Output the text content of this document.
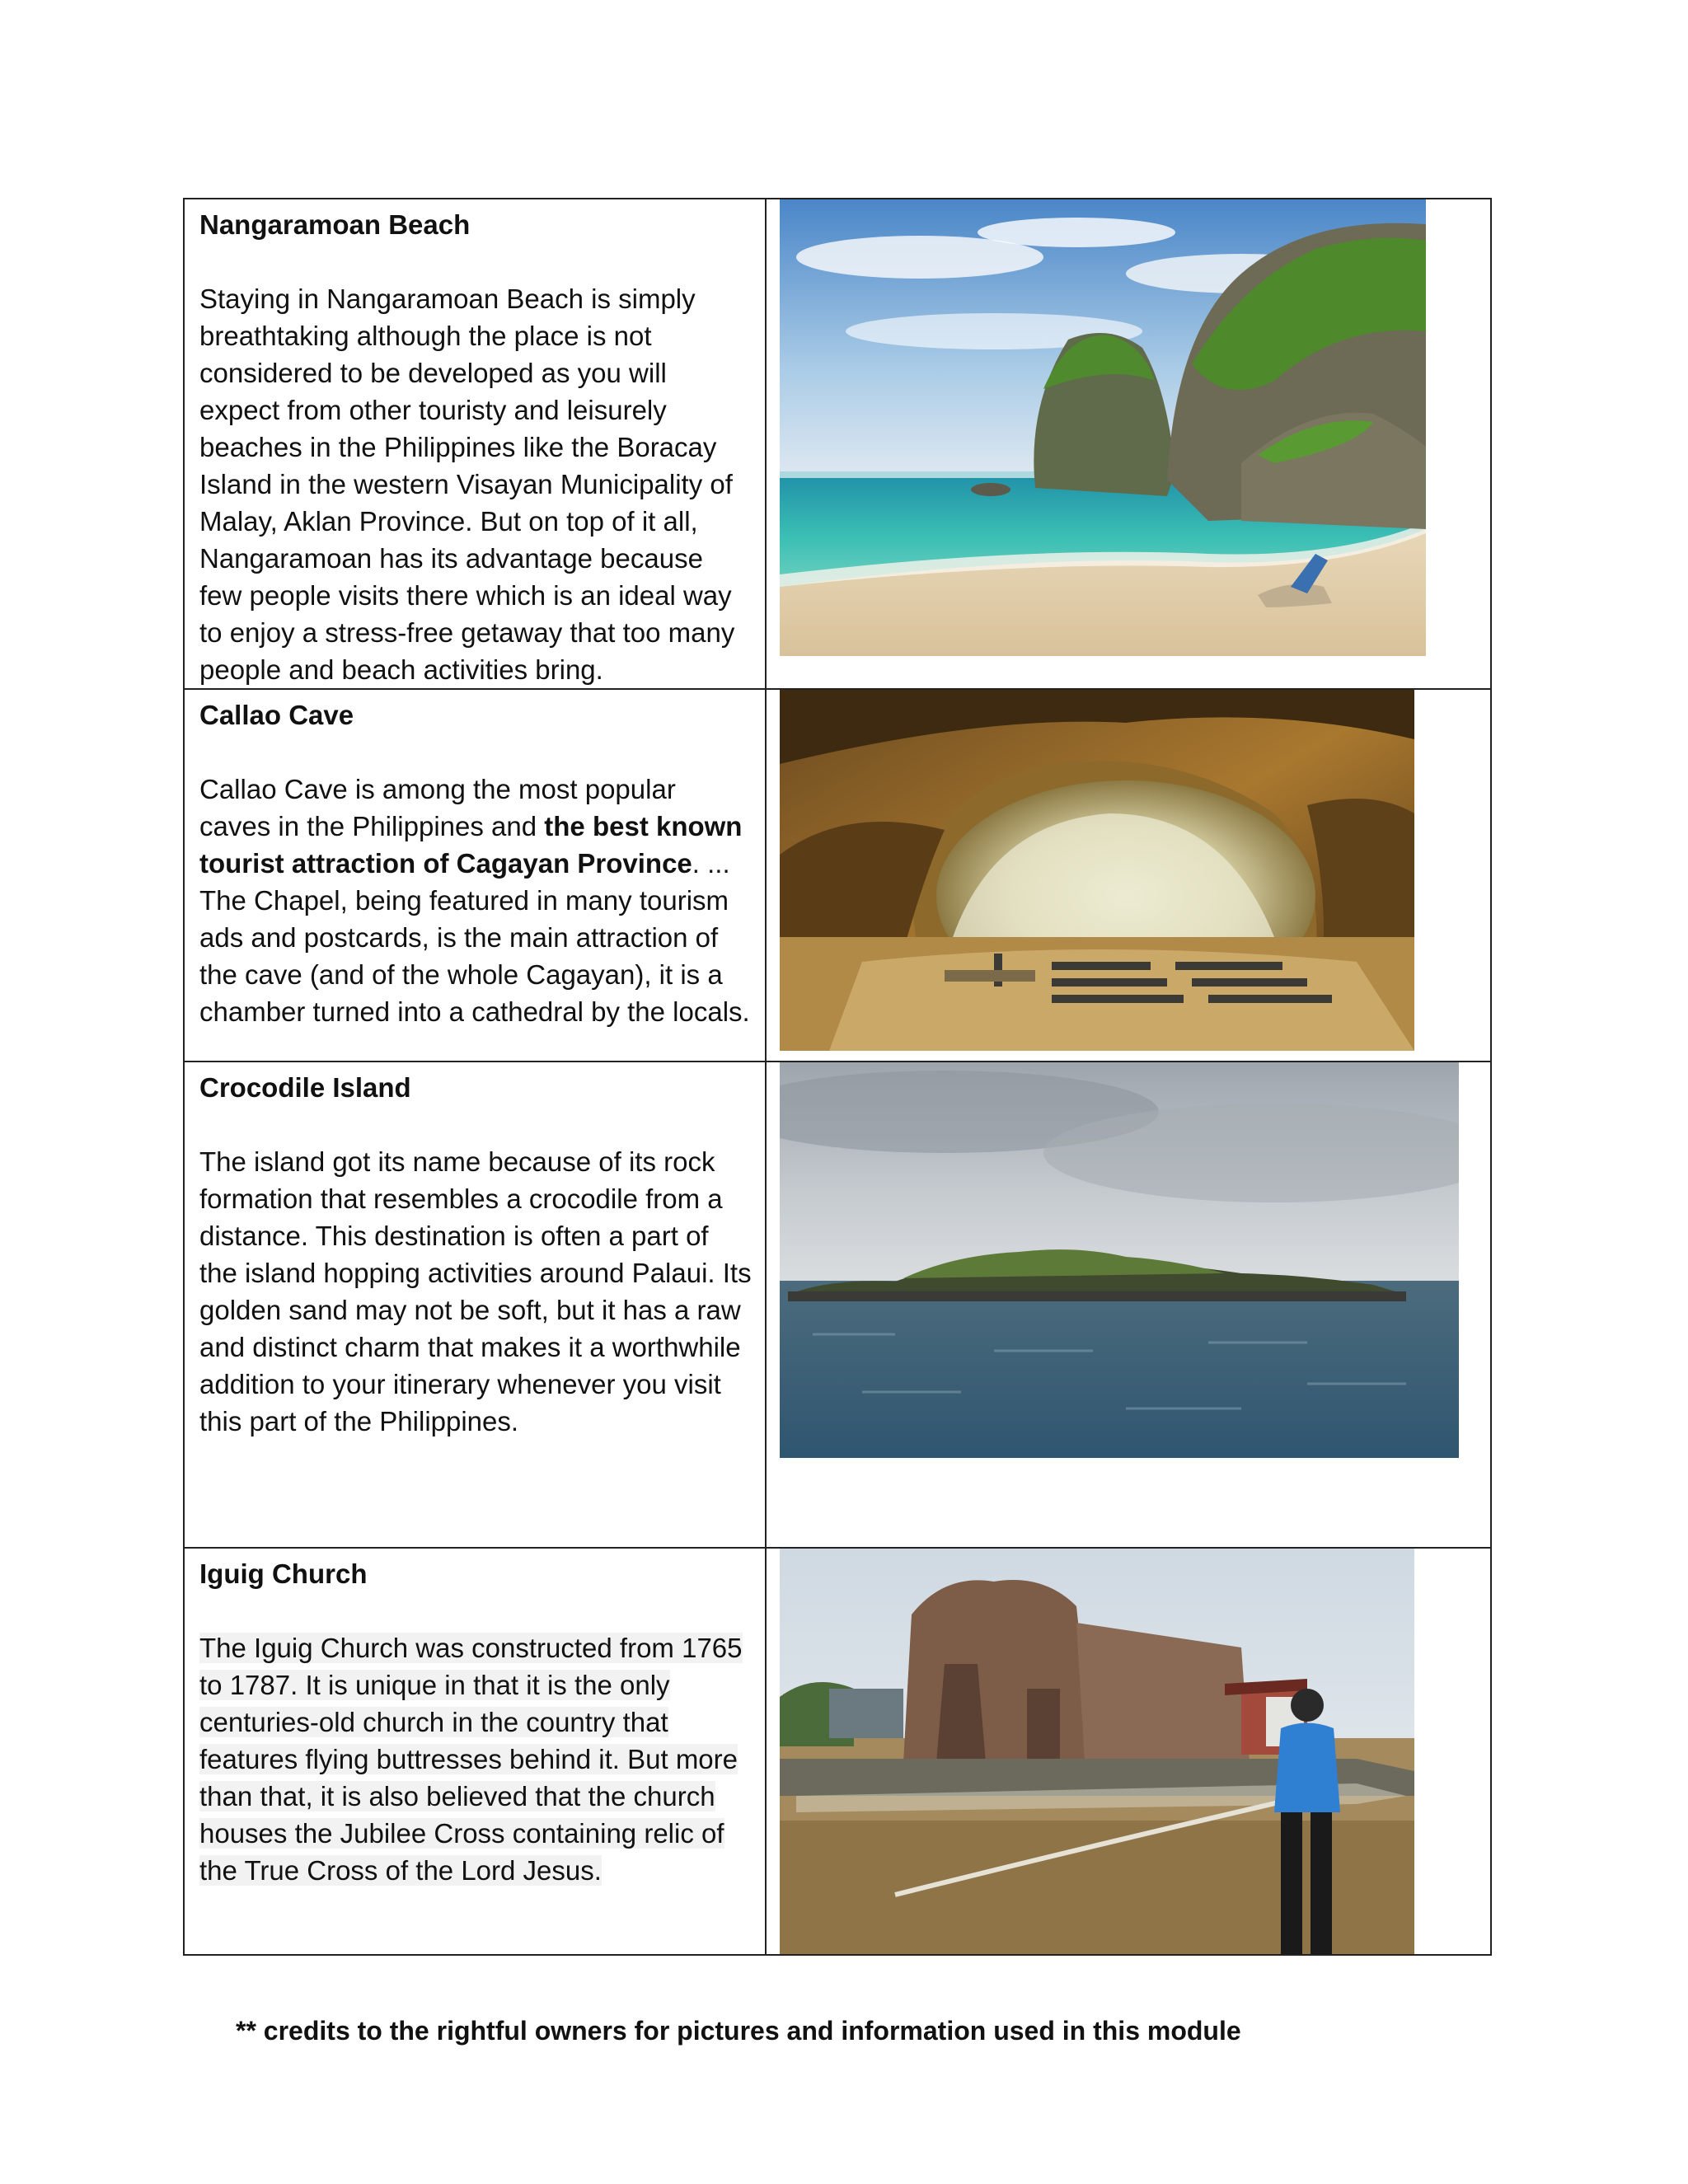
Nangaramoan Beach

Staying in Nangaramoan Beach is simply breathtaking although the place is not considered to be developed as you will expect from other touristy and leisurely beaches in the Philippines like the Boracay Island in the western Visayan Municipality of Malay, Aklan Province. But on top of it all, Nangaramoan has its advantage because few people visits there which is an ideal way to enjoy a stress-free getaway that too many people and beach activities bring.

Callao Cave

Callao Cave is among the most popular caves in the Philippines and the best known tourist attraction of Cagayan Province. ... The Chapel, being featured in many tourism ads and postcards, is the main attraction of the cave (and of the whole Cagayan), it is a chamber turned into a cathedral by the locals.

Crocodile Island

The island got its name because of its rock formation that resembles a crocodile from a distance. This destination is often a part of the island hopping activities around Palaui. Its golden sand may not be soft, but it has a raw and distinct charm that makes it a worthwhile addition to your itinerary whenever you visit this part of the Philippines.

Iguig Church

The Iguig Church was constructed from 1765 to 1787. It is unique in that it is the only centuries-old church in the country that features flying buttresses behind it. But more than that, it is also believed that the church houses the Jubilee Cross containing relic of the True Cross of the Lord Jesus.

** credits to the rightful owners for pictures and information used in this module
